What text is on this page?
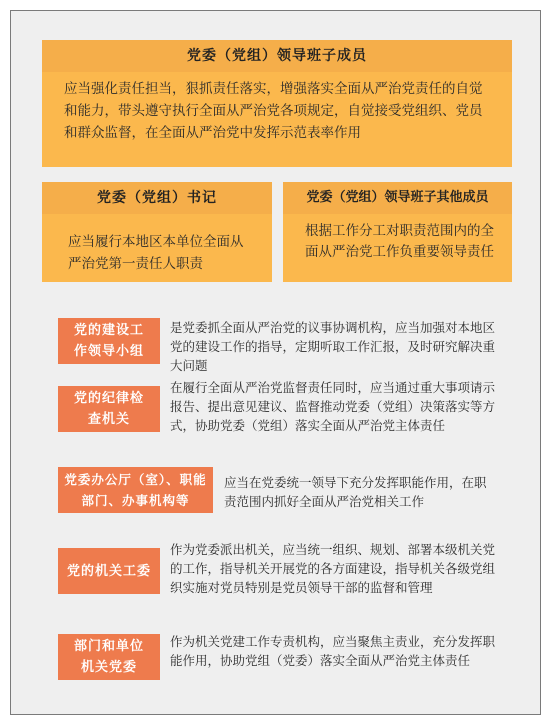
党委（党组）领导班子成员
应当强化责任担当，狠抓责任落实，增强落实全面从严治党责任的自觉和能力，带头遵守执行全面从严治党各项规定，自觉接受党组织、党员和群众监督，在全面从严治党中发挥示范表率作用
党委（党组）书记
应当履行本地区本单位全面从严治党第一责任人职责
党委（党组）领导班子其他成员
根据工作分工对职责范围内的全面从严治党工作负重要领导责任
党的建设工作领导小组
是党委抓全面从严治党的议事协调机构，应当加强对本地区党的建设工作的指导，定期听取工作汇报，及时研究解决重大问题
党的纪律检查机关
在履行全面从严治党监督责任同时，应当通过重大事项请示报告、提出意见建议、监督推动党委（党组）决策落实等方式，协助党委（党组）落实全面从严治党主体责任
党委办公厅（室）、职能部门、办事机构等
应当在党委统一领导下充分发挥职能作用，在职责范围内抓好全面从严治党相关工作
党的机关工委
作为党委派出机关，应当统一组织、规划、部署本级机关党的工作，指导机关开展党的各方面建设，指导机关各级党组织实施对党员特别是党员领导干部的监督和管理
部门和单位机关党委
作为机关党建工作专责机构，应当聚焦主责业，充分发挥职能作用，协助党组（党委）落实全面从严治党主体责任
